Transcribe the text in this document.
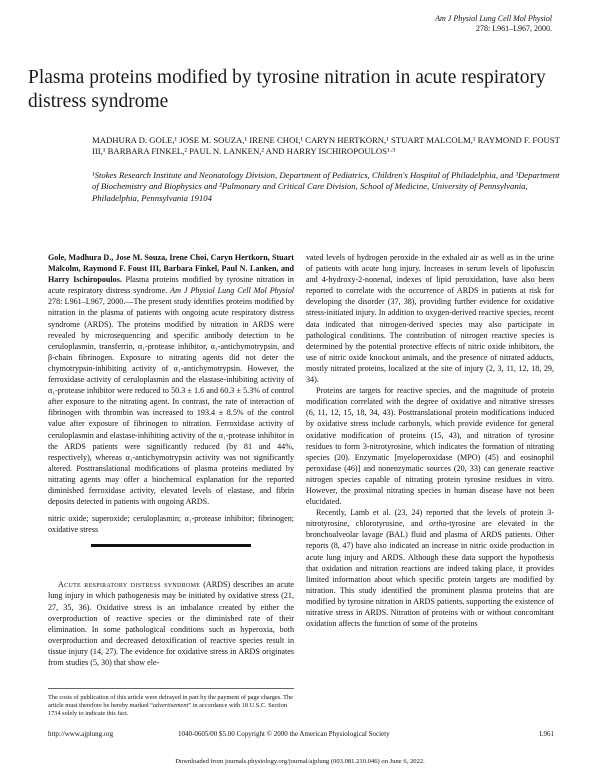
Am J Physiol Lung Cell Mol Physiol
278: L961–L967, 2000.
Plasma proteins modified by tyrosine nitration in acute respiratory distress syndrome
MADHURA D. GOLE,¹ JOSE M. SOUZA,¹ IRENE CHOI,¹ CARYN HERTKORN,¹ STUART MALCOLM,¹ RAYMOND F. FOUST III,¹ BARBARA FINKEL,² PAUL N. LANKEN,² AND HARRY ISCHIROPOULOS¹·³
¹Stokes Research Institute and Neonatology Division, Department of Pediatrics, Children's Hospital of Philadelphia, and ³Department of Biochemistry and Biophysics and ²Pulmonary and Critical Care Division, School of Medicine, University of Pennsylvania, Philadelphia, Pennsylvania 19104

Gole, Madhura D., Jose M. Souza, Irene Choi, Caryn Hertkorn, Stuart Malcolm, Raymond F. Foust III, Barbara Finkel, Paul N. Lanken, and Harry Ischiropoulos. Plasma proteins modified by tyrosine nitration in acute respiratory distress syndrome. Am J Physiol Lung Cell Mol Physiol 278: L961–L967, 2000.—The present study identifies proteins modified by nitration in the plasma of patients with ongoing acute respiratory distress syndrome (ARDS). The proteins modified by nitration in ARDS were revealed by microsequencing and specific antibody detection to be ceruloplasmin, transferrin, α₁-protease inhibitor, α₁-antichymotrypsin, and β-chain fibrinogen. Exposure to nitrating agents did not deter the chymotrypsin-inhibiting activity of α₁-antichymotrypsin. However, the ferroxidase activity of ceruloplasmin and the elastase-inhibiting activity of α₁-protease inhibitor were reduced to 50.3 ± 1.6 and 60.3 ± 5.3% of control after exposure to the nitrating agent. In contrast, the rate of interaction of fibrinogen with thrombin was increased to 193.4 ± 8.5% of the control value after exposure of fibrinogen to nitration. Ferroxidase activity of ceruloplasmin and elastase-inhibiting activity of the α₁-protease inhibitor in the ARDS patients were significantly reduced (by 81 and 44%, respectively), whereas α₁-antichymotrypsin activity was not significantly altered. Posttranslational modifications of plasma proteins mediated by nitrating agents may offer a biochemical explanation for the reported diminished ferroxidase activity, elevated levels of elastase, and fibrin deposits detected in patients with ongoing ARDS.

nitric oxide; superoxide; ceruloplasmin; α₁-protease inhibitor; fibrinogen; oxidative stress

Acute respiratory distress syndrome (ARDS) describes an acute lung injury in which pathogenesis may be initiated by oxidative stress (21, 27, 35, 36). Oxidative stress is an imbalance created by either the overproduction of reactive species or the diminished rate of their elimination. In some pathological conditions such as hyperoxia, both overproduction and decreased detoxification of reactive species result in tissue injury (14, 27). The evidence for oxidative stress in ARDS originates from studies (5, 30) that show ele-

vated levels of hydrogen peroxide in the exhaled air as well as in the urine of patients with acute lung injury. Increases in serum levels of lipofuscin and 4-hydroxy-2-nonenal, indexes of lipid peroxidation, have also been reported to correlate with the occurrence of ARDS in patients at risk for developing the disorder (37, 38), providing further evidence for oxidative stress-initiated injury. In addition to oxygen-derived reactive species, recent data indicated that nitrogen-derived species may also participate in pathological conditions. The contribution of nitrogen reactive species is determined by the potential protective effects of nitric oxide inhibitors, the use of nitric oxide knockout animals, and the presence of nitrated adducts, mostly nitrated proteins, localized at the site of injury (2, 3, 11, 12, 18, 29, 34).

Proteins are targets for reactive species, and the magnitude of protein modification correlated with the degree of oxidative and nitrative stresses (6, 11, 12, 15, 18, 34, 43). Posttranslational protein modifications induced by oxidative stress include carbonyls, which provide evidence for general oxidative modification of proteins (15, 43), and nitration of tyrosine residues to form 3-nitrotyrosine, which indicates the formation of nitrating species (20). Enzymatic [myeloperoxidase (MPO) (45) and eosinophil peroxidase (46)] and nonenzymatic sources (20, 33) can generate reactive nitrogen species capable of nitrating protein tyrosine residues in vitro. However, the proximal nitrating species in human disease have not been elucidated.

Recently, Lamb et al. (23, 24) reported that the levels of protein 3-nitrotyrosine, chlorotyrosine, and ortho-tyrosine are elevated in the bronchoalveolar lavage (BAL) fluid and plasma of ARDS patients. Other reports (8, 47) have also indicated an increase in nitric oxide production in acute lung injury and ARDS. Although these data support the hypothesis that oxidation and nitration reactions are indeed taking place, it provides limited information about which specific protein targets are modified by nitration. This study identified the prominent plasma proteins that are modified by tyrosine nitration in ARDS patients, supporting the existence of nitrative stress in ARDS. Nitration of proteins with or without concomitant oxidation affects the function of some of the proteins

The costs of publication of this article were defrayed in part by the payment of page charges. The article must therefore be hereby marked “advertisement” in accordance with 18 U.S.C. Section 1734 solely to indicate this fact.
http://www.ajplung.org	1040-0605/00 $5.00 Copyright © 2000 the American Physiological Society	L961
Downloaded from journals.physiology.org/journal/ajplung (003.081.210.046) on June 6, 2022.
